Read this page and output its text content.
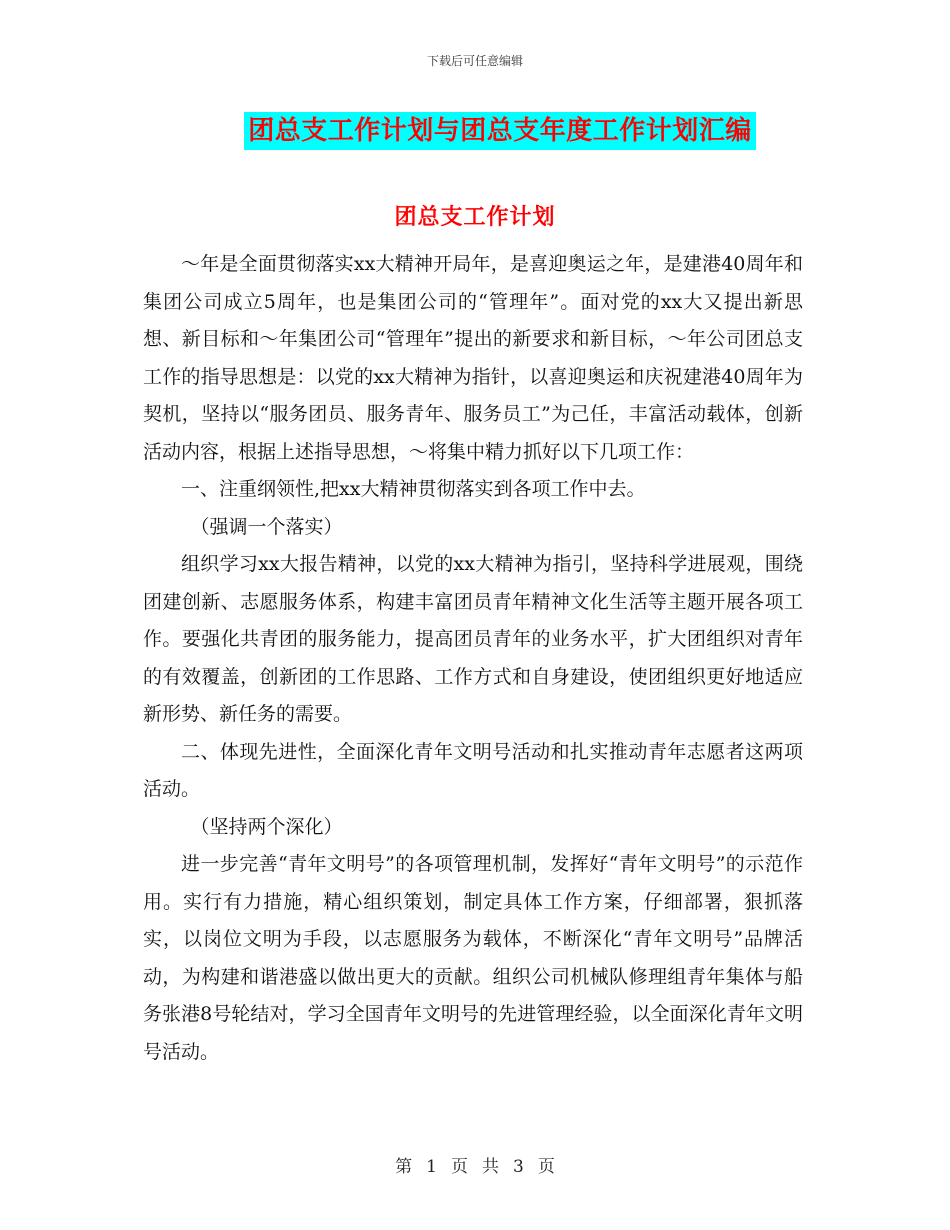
下载后可任意编辑
团总支工作计划与团总支年度工作计划汇编
团总支工作计划

～年是全面贯彻落实xx大精神开局年，是喜迎奥运之年，是建港40周年和集团公司成立5周年，也是集团公司的“管理年”。面对党的xx大又提出新思想、新目标和～年集团公司“管理年”提出的新要求和新目标，～年公司团总支工作的指导思想是：以党的xx大精神为指针，以喜迎奥运和庆祝建港40周年为契机，坚持以“服务团员、服务青年、服务员工”为己任，丰富活动载体，创新活动内容，根据上述指导思想，～将集中精力抓好以下几项工作：

一、注重纲领性,把xx大精神贯彻落实到各项工作中去。

（强调一个落实）

组织学习xx大报告精神，以党的xx大精神为指引，坚持科学进展观，围绕团建创新、志愿服务体系，构建丰富团员青年精神文化生活等主题开展各项工作。要强化共青团的服务能力，提高团员青年的业务水平，扩大团组织对青年的有效覆盖，创新团的工作思路、工作方式和自身建设，使团组织更好地适应新形势、新任务的需要。

二、体现先进性，全面深化青年文明号活动和扎实推动青年志愿者这两项活动。

（坚持两个深化）

进一步完善“青年文明号”的各项管理机制，发挥好“青年文明号”的示范作用。实行有力措施，精心组织策划，制定具体工作方案，仔细部署，狠抓落实，以岗位文明为手段，以志愿服务为载体，不断深化“青年文明号”品牌活动，为构建和谐港盛以做出更大的贡献。组织公司机械队修理组青年集体与船务张港8号轮结对，学习全国青年文明号的先进管理经验，以全面深化青年文明号活动。

第 1 页 共 3 页
